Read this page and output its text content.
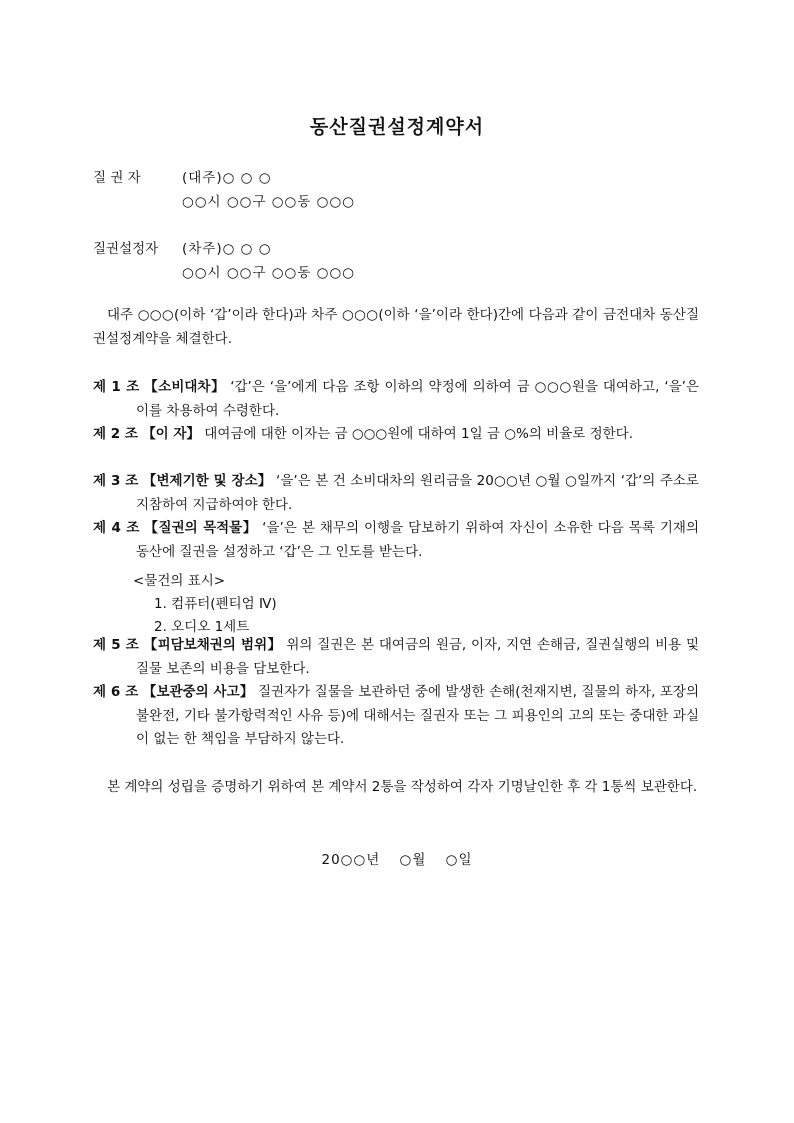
동산질권설정계약서
질 권 자	(대주)○ ○ ○
○○시 ○○구 ○○동 ○○○
질권설정자 (차주)○ ○ ○
○○시 ○○구 ○○동 ○○○

대주 ○○○(이하 ‘갑’이라 한다)과 차주 ○○○(이하 ‘을’이라 한다)간에 다음과 같이 금전대차 동산질권설정계약을 체결한다.

제 1 조 【소비대차】 ‘갑’은 ‘을’에게 다음 조항 이하의 약정에 의하여 금 ○○○원을 대여하고, ‘을’은 이를 차용하여 수령한다.
제 2 조 【이 자】 대여금에 대한 이자는 금 ○○○원에 대하여 1일 금 ○%의 비율로 정한다.
제 3 조 【변제기한 및 장소】 ‘을’은 본 건 소비대차의 원리금을 20○○년 ○월 ○일까지 ‘갑’의 주소로 지참하여 지급하여야 한다.
제 4 조 【질권의 목적물】 ‘을’은 본 채무의 이행을 담보하기 위하여 자신이 소유한 다음 목록 기재의 동산에 질권을 설정하고 ‘갑’은 그 인도를 받는다.
<물건의 표시>
1. 컴퓨터(펜티엄 Ⅳ)
2. 오디오 1세트
제 5 조 【피담보채권의 범위】 위의 질권은 본 대여금의 원금, 이자, 지연 손해금, 질권실행의 비용 및 질물 보존의 비용을 담보한다.
제 6 조 【보관중의 사고】 질권자가 질물을 보관하던 중에 발생한 손해(천재지변, 질물의 하자, 포장의 불완전, 기타 불가항력적인 사유 등)에 대해서는 질권자 또는 그 피용인의 고의 또는 중대한 과실이 없는 한 책임을 부담하지 않는다.

본 계약의 성립을 증명하기 위하여 본 계약서 2통을 작성하여 각자 기명날인한 후 각 1통씩 보관한다.

20○○년 ○월 ○일
